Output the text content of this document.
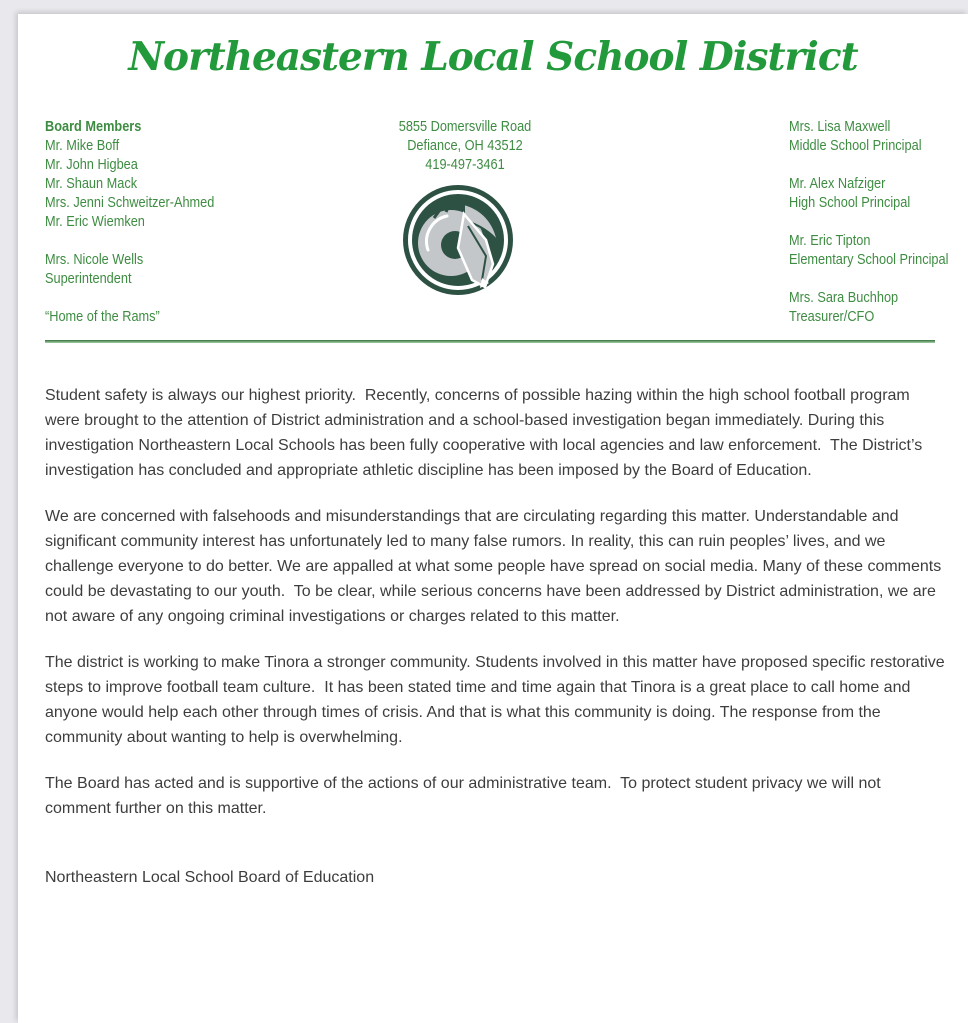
Northeastern Local School District
Board Members
Mr. Mike Boff
Mr. John Higbea
Mr. Shaun Mack
Mrs. Jenni Schweitzer-Ahmed
Mr. Eric Wiemken
Mrs. Nicole Wells
Superintendent
“Home of the Rams”
5855 Domersville Road
Defiance, OH 43512
419-497-3461
Mrs. Lisa Maxwell
Middle School Principal
Mr. Alex Nafziger
High School Principal
Mr. Eric Tipton
Elementary School Principal
Mrs. Sara Buchhop
Treasurer/CFO

Student safety is always our highest priority.  Recently, concerns of possible hazing within the high school football program were brought to the attention of District administration and a school-based investigation began immediately. During this investigation Northeastern Local Schools has been fully cooperative with local agencies and law enforcement.  The District’s investigation has concluded and appropriate athletic discipline has been imposed by the Board of Education.

We are concerned with falsehoods and misunderstandings that are circulating regarding this matter. Understandable and significant community interest has unfortunately led to many false rumors. In reality, this can ruin peoples’ lives, and we challenge everyone to do better. We are appalled at what some people have spread on social media. Many of these comments could be devastating to our youth.  To be clear, while serious concerns have been addressed by District administration, we are not aware of any ongoing criminal investigations or charges related to this matter.

The district is working to make Tinora a stronger community. Students involved in this matter have proposed specific restorative steps to improve football team culture.  It has been stated time and time again that Tinora is a great place to call home and anyone would help each other through times of crisis. And that is what this community is doing. The response from the community about wanting to help is overwhelming.

The Board has acted and is supportive of the actions of our administrative team.  To protect student privacy we will not comment further on this matter.

Northeastern Local School Board of Education
